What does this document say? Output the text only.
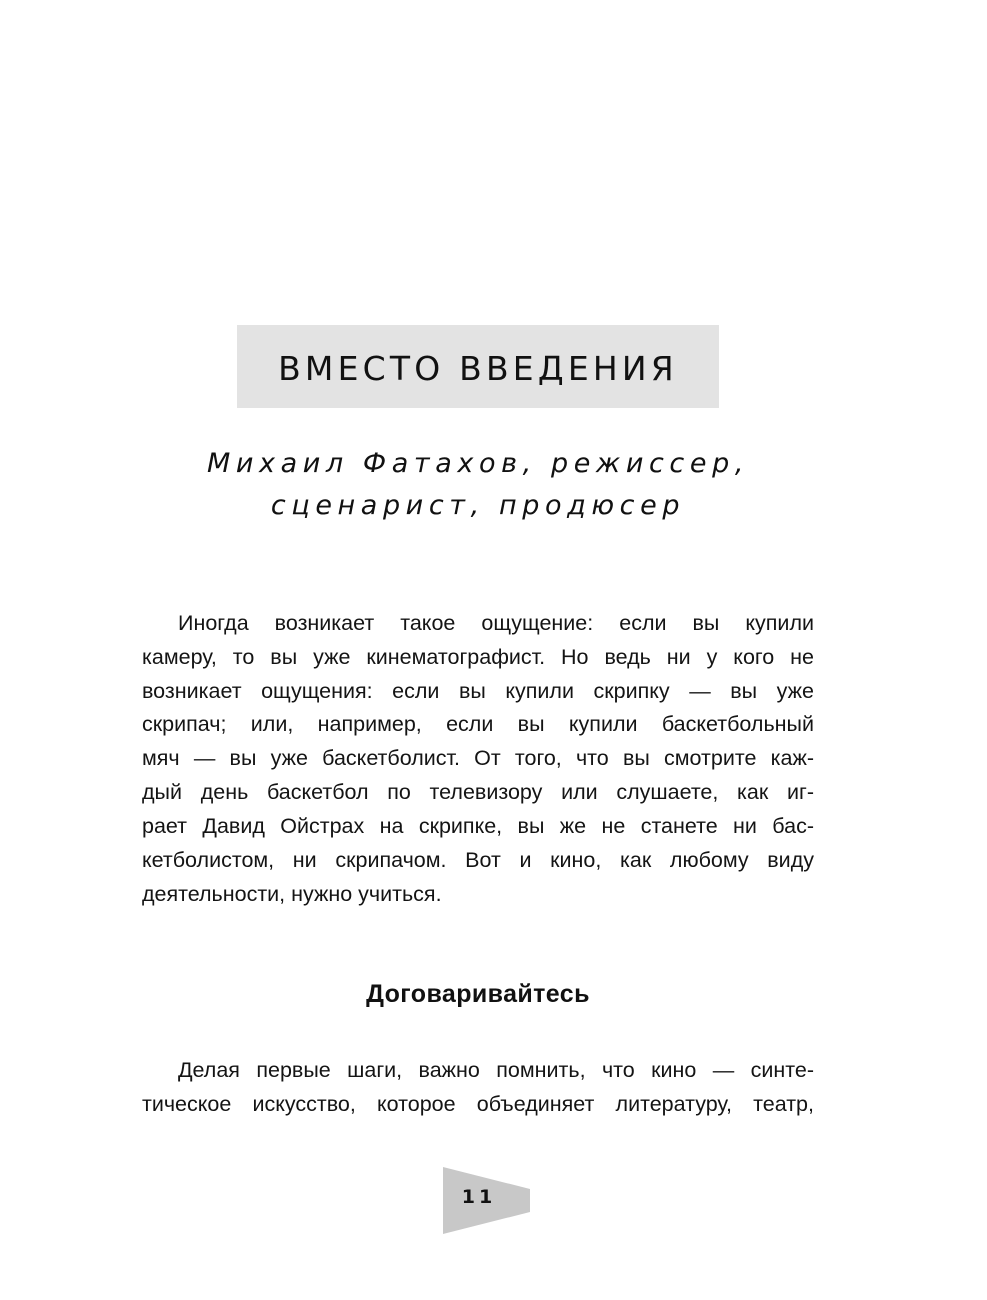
ВМЕСТО ВВЕДЕНИЯ

Михаил Фатахов, режиссер,

сценарист, продюсер

Иногда возникает такое ощущение: если вы купили

камеру, то вы уже кинематографист. Но ведь ни у кого не

возникает ощущения: если вы купили скрипку — вы уже

скрипач; или, например, если вы купили баскетбольный

мяч — вы уже баскетболист. От того, что вы смотрите каж-

дый день баскетбол по телевизору или слушаете, как иг-

рает Давид Ойстрах на скрипке, вы же не станете ни бас-

кетболистом, ни скрипачом. Вот и кино, как любому виду

деятельности, нужно учиться.

Договаривайтесь

Делая первые шаги, важно помнить, что кино — синте-

тическое искусство, которое объединяет литературу, театр,

11
